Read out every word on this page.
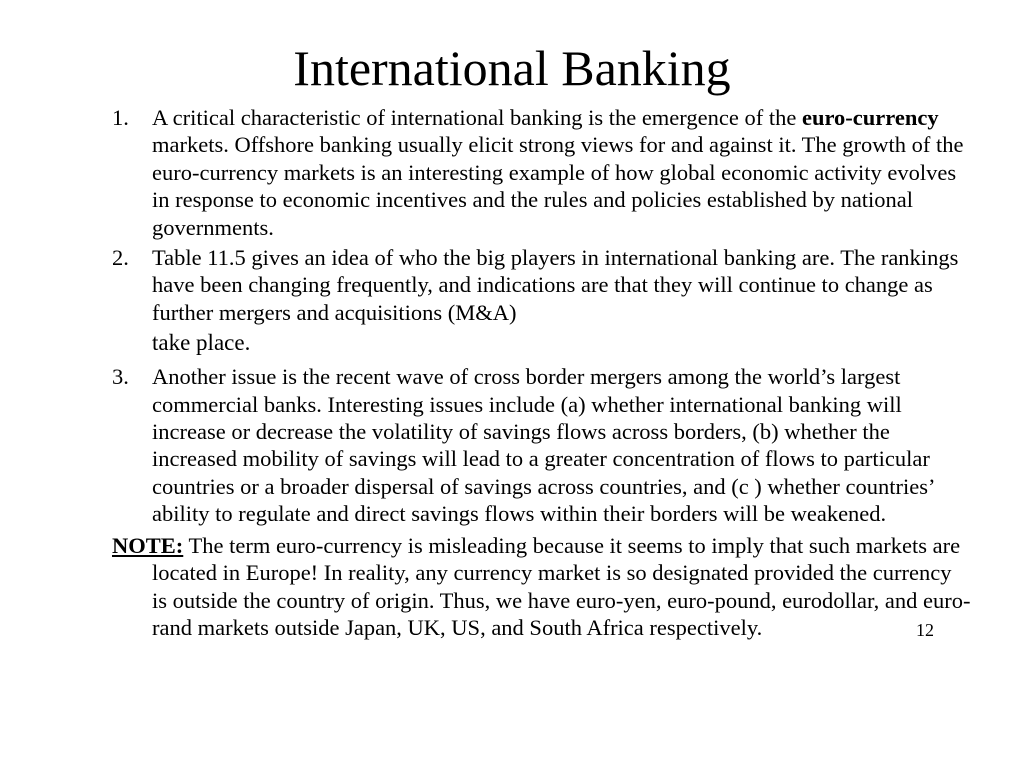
International Banking
1. A critical characteristic of international banking is the emergence of the euro-currency markets. Offshore banking usually elicit strong views for and against it. The growth of the euro-currency markets is an interesting example of how global economic activity evolves in response to economic incentives and the rules and policies established by national governments.
2. Table 11.5 gives an idea of who the big players in international banking are. The rankings have been changing frequently, and indications are that they will continue to change as further mergers and acquisitions (M&A)
take place.
3. Another issue is the recent wave of cross border mergers among the world’s largest commercial banks. Interesting issues include (a) whether international banking will increase or decrease the volatility of savings flows across borders, (b) whether the increased mobility of savings will lead to a greater concentration of flows to particular countries or a broader dispersal of savings across countries, and (c ) whether countries’ ability to regulate and direct savings flows within their borders will be weakened.
NOTE: The term euro-currency is misleading because it seems to imply that such markets are located in Europe! In reality, any currency market is so designated provided the currency is outside the country of origin. Thus, we have euro-yen, euro-pound, eurodollar, and euro-rand markets outside Japan, UK, US, and South Africa respectively.	12
